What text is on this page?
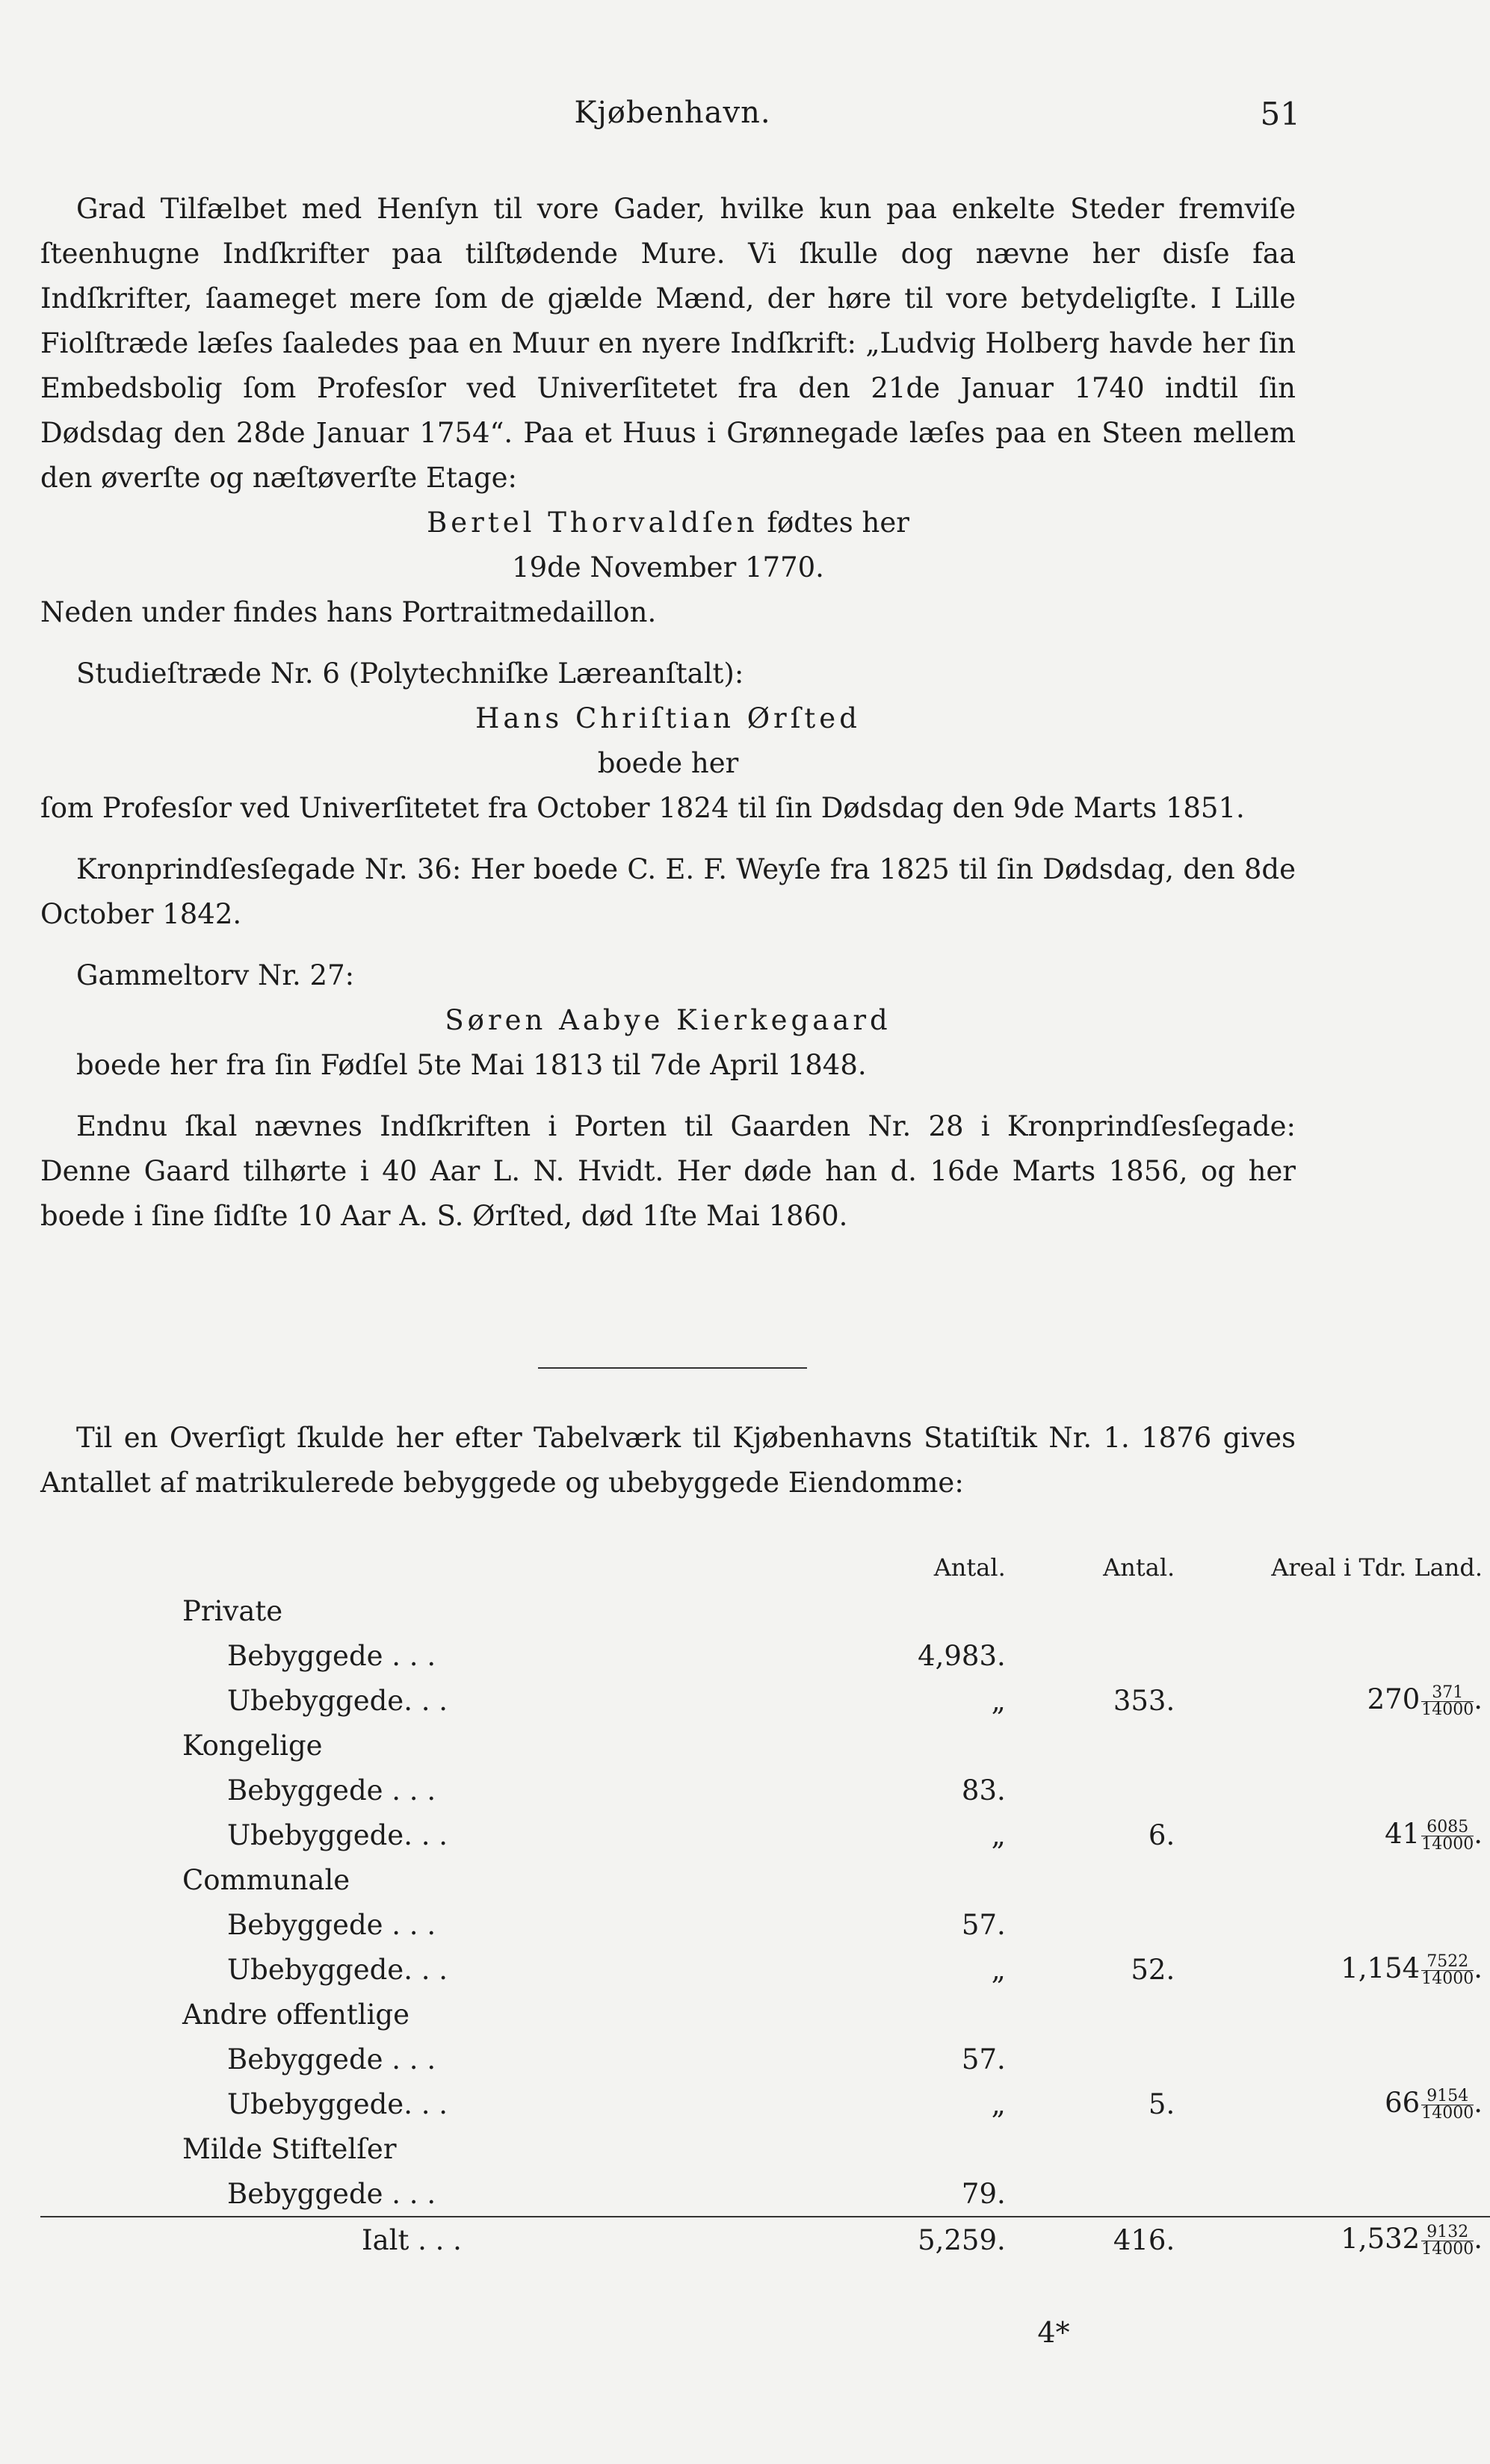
Kjøbenhavn.	51

Grad Tilfælbet med Henſyn til vore Gader, hvilke kun paa enkelte Steder fremviſe ſteenhugne Indſkrifter paa tilſtødende Mure. Vi ſkulle dog nævne her disſe faa Indſkrifter, ſaameget mere ſom de gjælde Mænd, der høre til vore betydeligſte. I Lille Fiolſtræde læſes ſaaledes paa en Muur en nyere Indſkrift: „Ludvig Holberg havde her ſin Embedsbolig ſom Profesſor ved Univerſitetet fra den 21de Januar 1740 indtil ſin Dødsdag den 28de Januar 1754“. Paa et Huus i Grønnegade læſes paa en Steen mellem den øverſte og næſtøverſte Etage:

Bertel Thorvaldſen fødtes her

19de November 1770.

Neden under findes hans Portraitmedaillon.

Studieſtræde Nr. 6 (Polytechniſke Læreanſtalt):

Hans Chriſtian Ørſted

boede her

ſom Profesſor ved Univerſitetet fra October 1824 til ſin Dødsdag den 9de Marts 1851.

Kronprindſesſegade Nr. 36: Her boede C. E. F. Weyſe fra 1825 til ſin Dødsdag, den 8de October 1842.

Gammeltorv Nr. 27:

Søren Aabye Kierkegaard

boede her fra ſin Fødſel 5te Mai 1813 til 7de April 1848.

Endnu ſkal nævnes Indſkriften i Porten til Gaarden Nr. 28 i Kronprindſesſegade: Denne Gaard tilhørte i 40 Aar L. N. Hvidt. Her døde han d. 16de Marts 1856, og her boede i ſine ſidſte 10 Aar A. S. Ørſted, død 1ſte Mai 1860.

Til en Overſigt ſkulde her efter Tabelværk til Kjøbenhavns Statiſtik Nr. 1. 1876 gives Antallet af matrikulerede bebyggede og ubebyggede Eiendomme:

	Antal.	Antal.	Areal i Tdr. Land.
Private			
Bebyggede . . .	4,983.		
Ubebyggede. . .	„	353.	$270 \frac{371}{14000}$ .
Kongelige			
Bebyggede . . .	83.		
Ubebyggede. . .	„	6.	$41 \frac{6085}{14000}$ .
Communale			
Bebyggede . . .	57.		
Ubebyggede. . .	„	52.	$1,154 \frac{7522}{14000}$ .
Andre offentlige			
Bebyggede . . .	57.		
Ubebyggede. . .	„	5.	$66 \frac{9154}{14000}$ .
Milde Stiftelſer			
Bebyggede . . .	79.		
Ialt . . .	5,259.	416.	$1,532 \frac{9132}{14000}$ .
4*
